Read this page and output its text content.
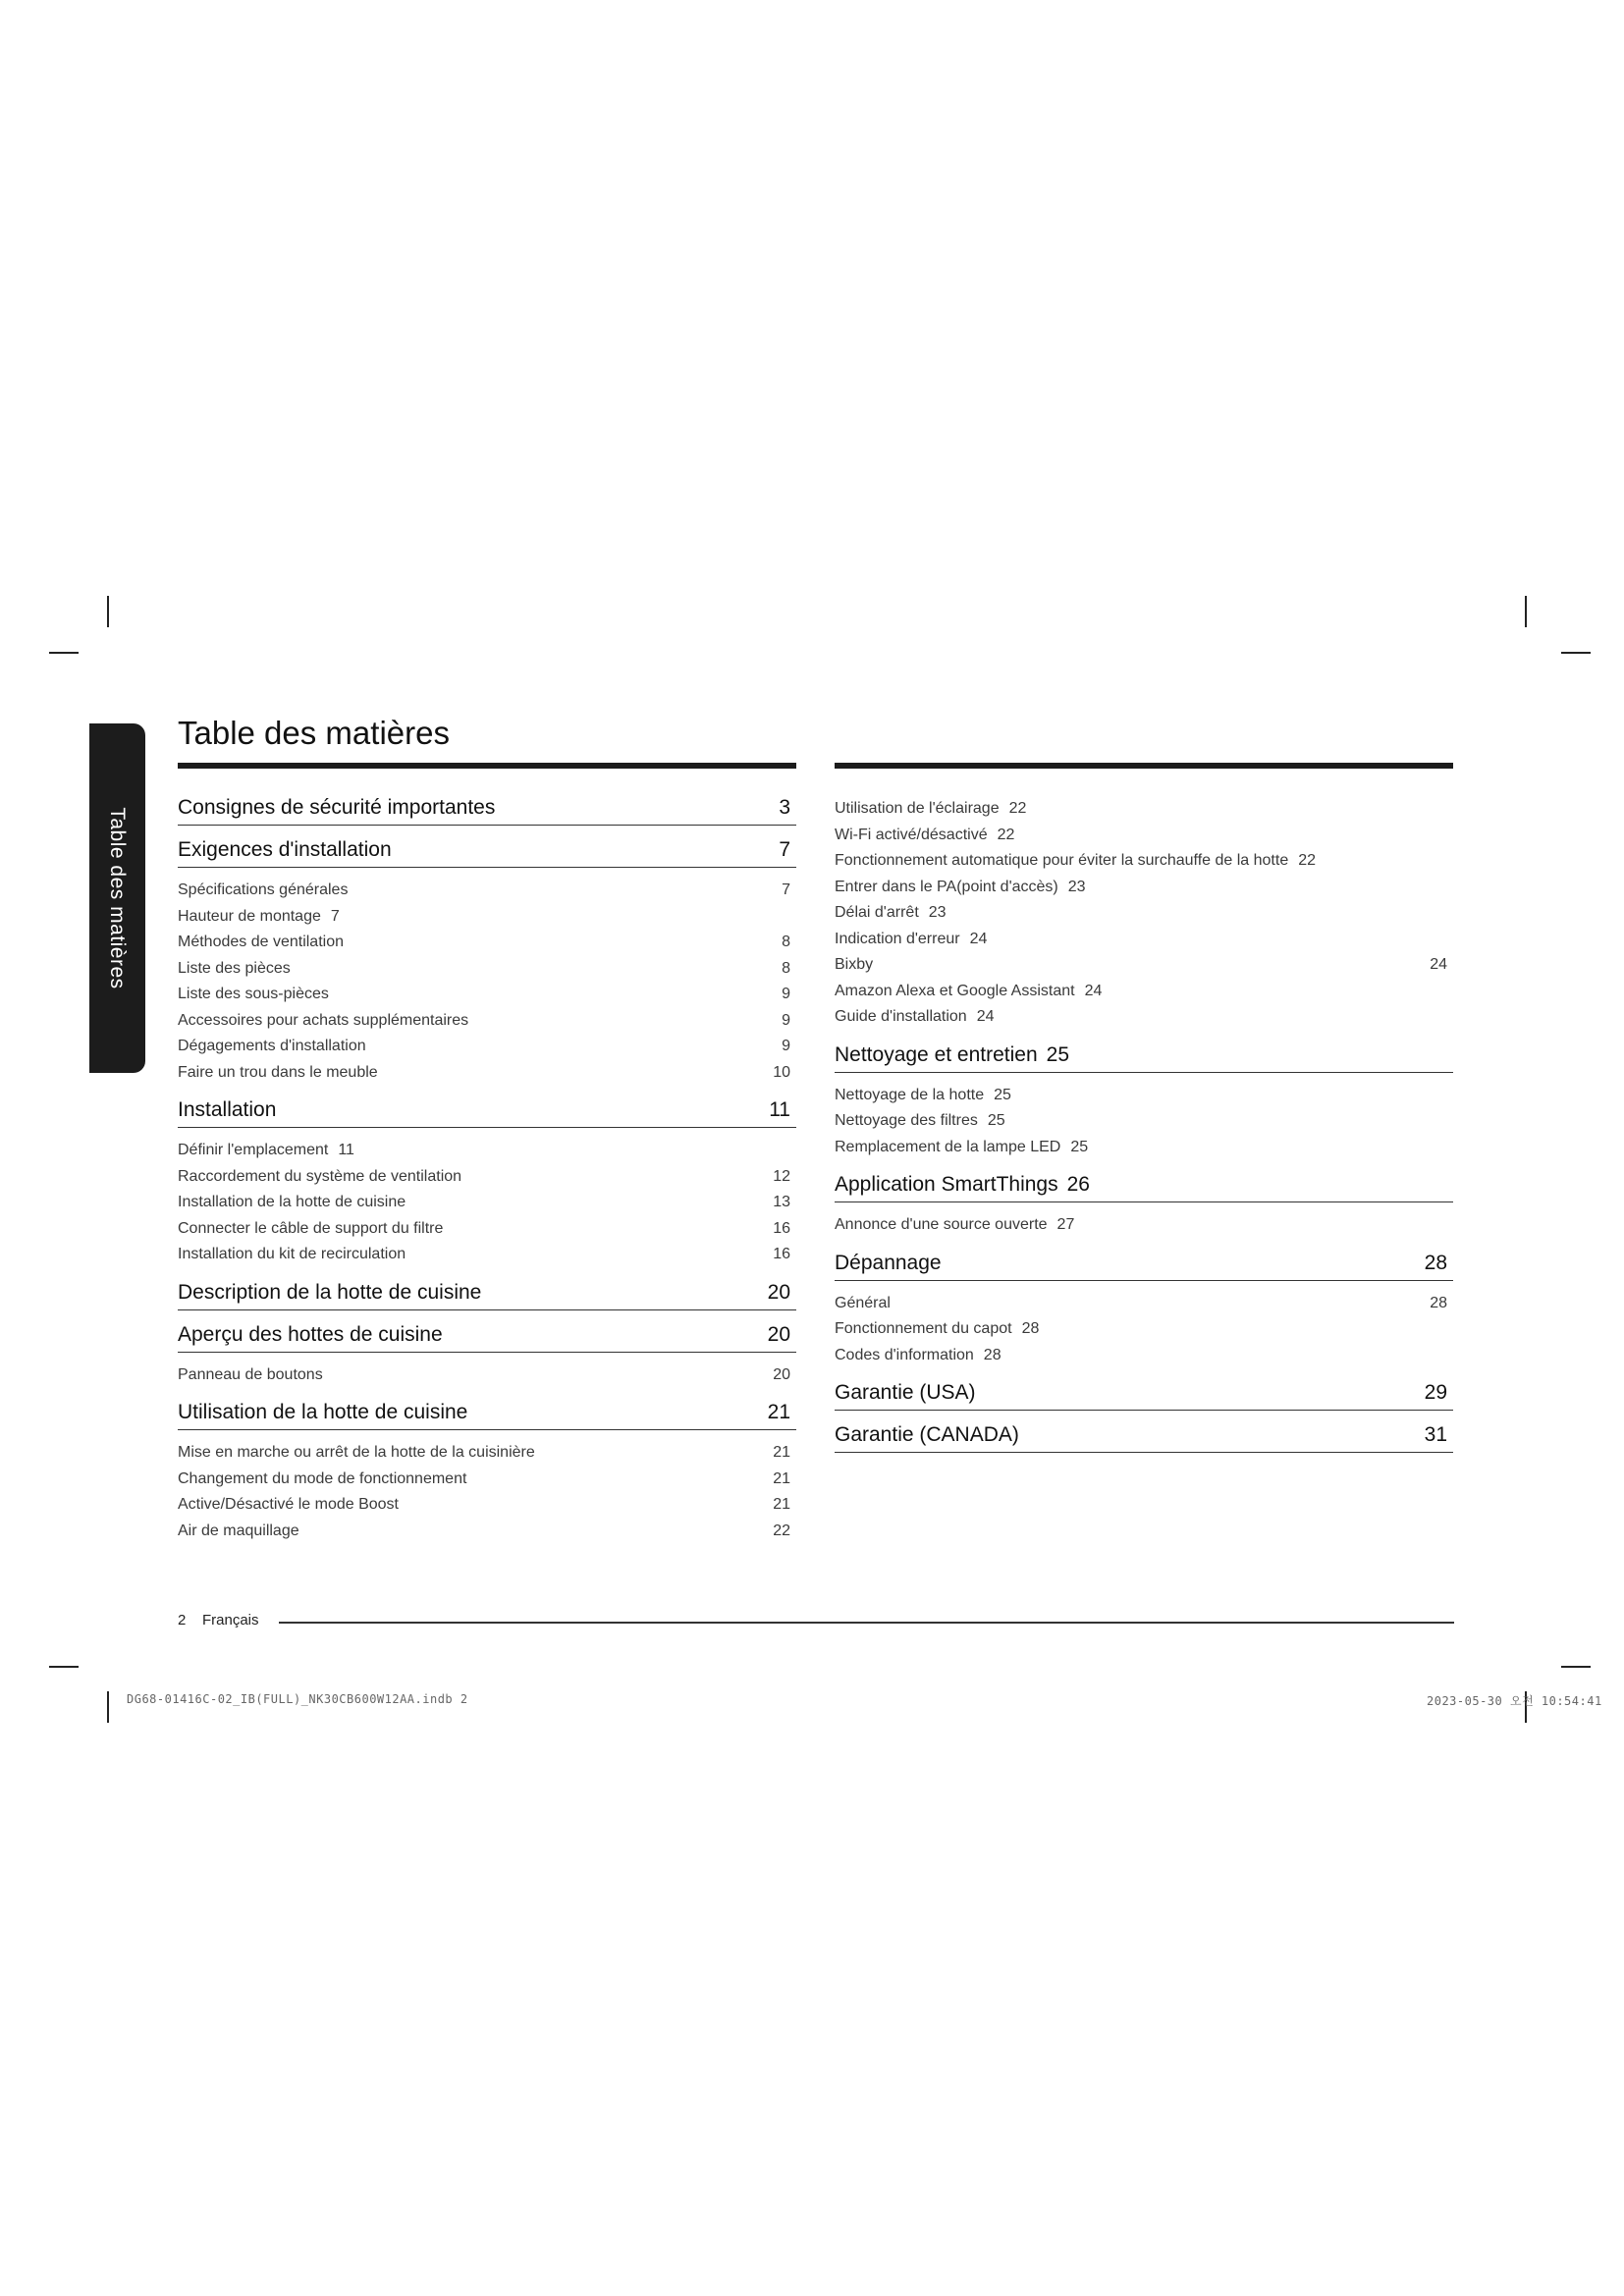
Table des matières
Table des matières
Consignes de sécurité importantes	3
Exigences d'installation	7
Spécifications générales	7
Hauteur de montage 7
Méthodes de ventilation	8
Liste des pièces	8
Liste des sous-pièces	9
Accessoires pour achats supplémentaires	9
Dégagements d'installation	9
Faire un trou dans le meuble	10
Installation	11
Définir l'emplacement 11
Raccordement du système de ventilation	12
Installation de la hotte de cuisine	13
Connecter le câble de support du filtre	16
Installation du kit de recirculation	16
Description de la hotte de cuisine	20
Aperçu des hottes de cuisine	20
Panneau de boutons	20
Utilisation de la hotte de cuisine	21
Mise en marche ou arrêt de la hotte de la cuisinière	21
Changement du mode de fonctionnement	21
Active/Désactivé le mode Boost	21
Air de maquillage	22
Utilisation de l'éclairage 22
Wi-Fi activé/désactivé 22
Fonctionnement automatique pour éviter la surchauffe de la hotte 22
Entrer dans le PA(point d'accès) 23
Délai d'arrêt 23
Indication d'erreur 24
Bixby	24
Amazon Alexa et Google Assistant 24
Guide d'installation 24
Nettoyage et entretien 25
Nettoyage de la hotte 25
Nettoyage des filtres 25
Remplacement de la lampe LED 25
Application SmartThings 26
Annonce d'une source ouverte 27
Dépannage	28
Général	28
Fonctionnement du capot 28
Codes d'information 28
Garantie (USA)	29
Garantie (CANADA)	31
2 Français
DG68-01416C-02_IB(FULL)_NK30CB600W12AA.indb 2	2023-05-30 오전 10:54:41
